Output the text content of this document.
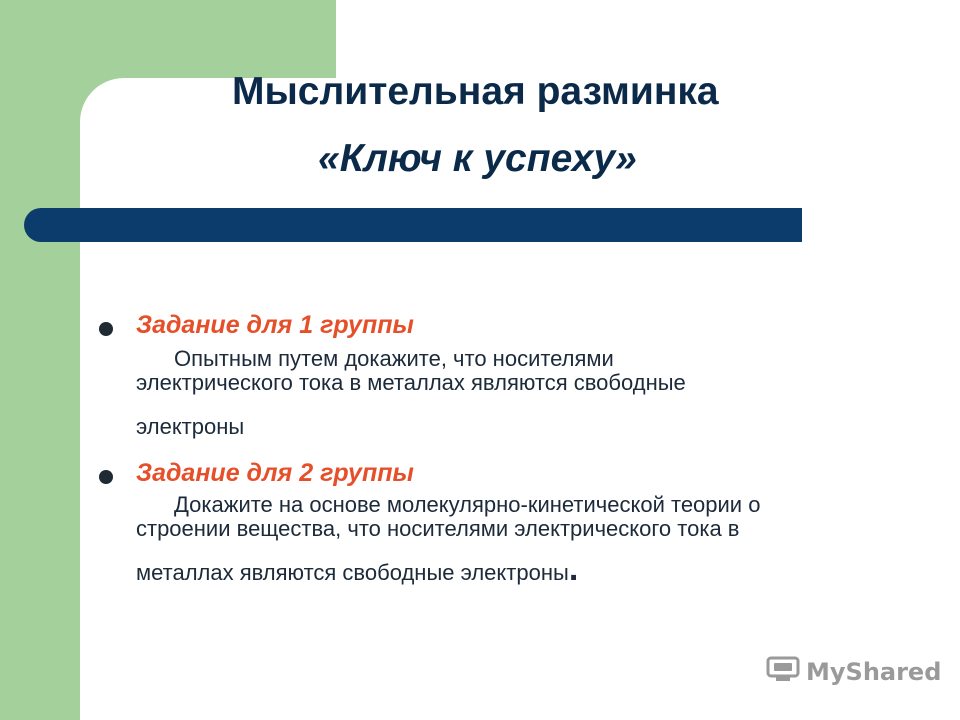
Мыслительная разминка
«Ключ к успеху»

Задание для 1 группы

Опытным путем докажите, что носителями
электрического тока в металлах являются свободные
электроны

Задание для 2 группы

Докажите на основе молекулярно-кинетической теории о
строении вещества, что носителями электрического тока в
металлах являются свободные электроны.

MyShared
